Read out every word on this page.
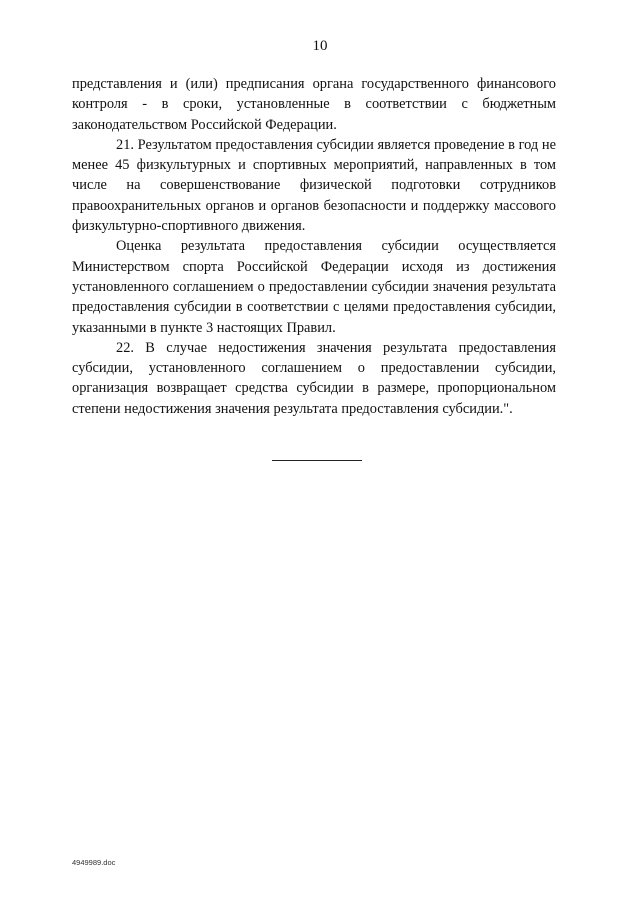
10

представления и (или) предписания органа государственного финансового контроля - в сроки, установленные в соответствии с бюджетным законодательством Российской Федерации.

21. Результатом предоставления субсидии является проведение в год не менее 45 физкультурных и спортивных мероприятий, направленных в том числе на совершенствование физической подготовки сотрудников правоохранительных органов и органов безопасности и поддержку массового физкультурно-спортивного движения.

Оценка результата предоставления субсидии осуществляется Министерством спорта Российской Федерации исходя из достижения установленного соглашением о предоставлении субсидии значения результата предоставления субсидии в соответствии с целями предоставления субсидии, указанными в пункте 3 настоящих Правил.

22. В случае недостижения значения результата предоставления субсидии, установленного соглашением о предоставлении субсидии, организация возвращает средства субсидии в размере, пропорциональном степени недостижения значения результата предоставления субсидии.".

4949989.doc
